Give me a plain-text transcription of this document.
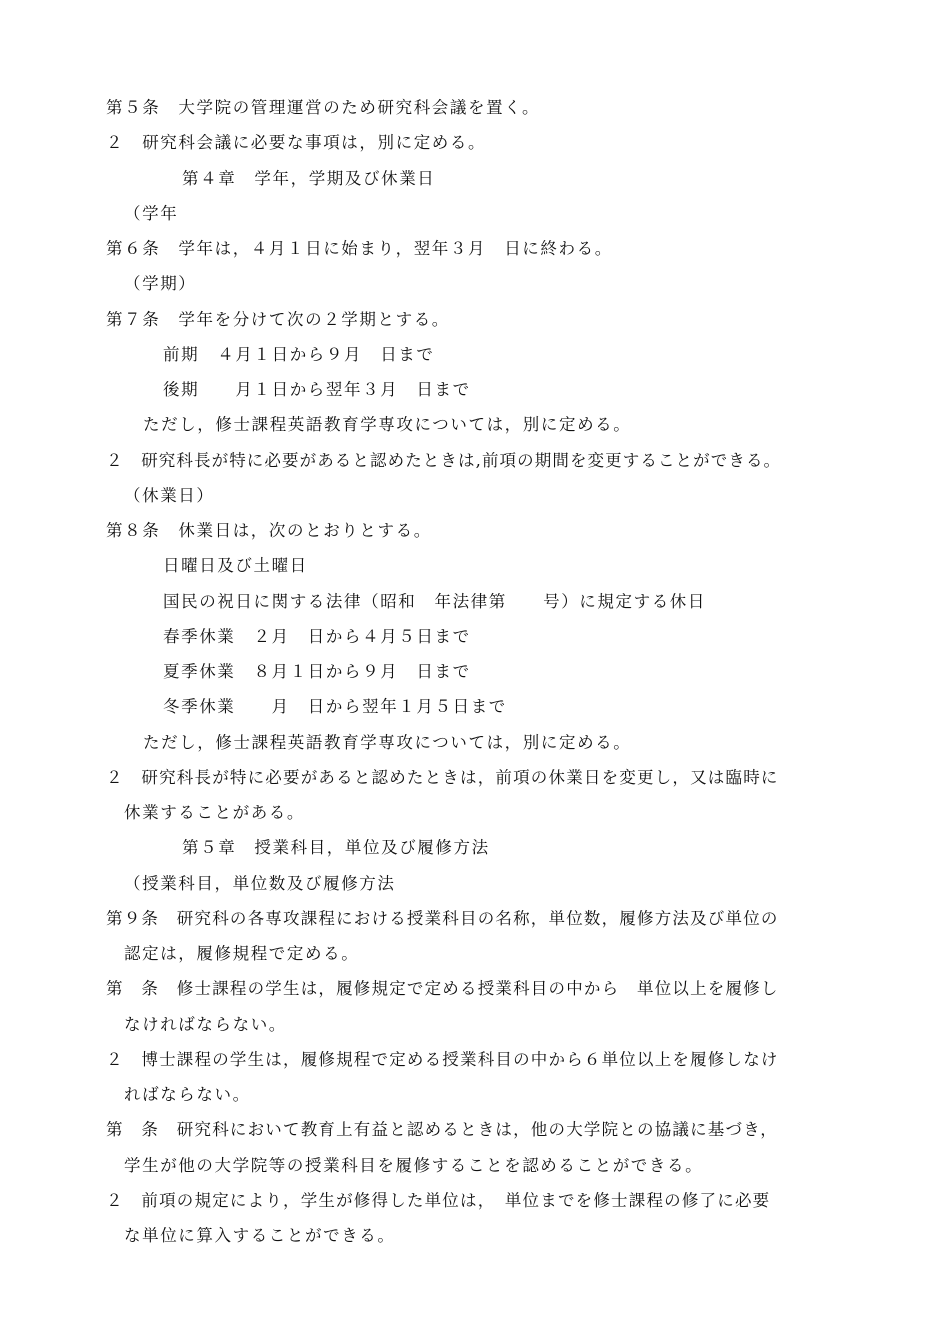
第５条　大学院の管理運営のため研究科会議を置く。
２　研究科会議に必要な事項は，別に定める。
第４章　学年，学期及び休業日
（学年
第６条　学年は，４月１日に始まり，翌年３月　日に終わる。
（学期）
第７条　学年を分けて次の２学期とする。
前期　４月１日から９月　日まで
後期　　月１日から翌年３月　日まで
ただし，修士課程英語教育学専攻については，別に定める。
２　研究科長が特に必要があると認めたときは,前項の期間を変更することができる。
（休業日）
第８条　休業日は，次のとおりとする。
日曜日及び土曜日
国民の祝日に関する法律（昭和　年法律第　　号）に規定する休日
春季休業　２月　日から４月５日まで
夏季休業　８月１日から９月　日まで
冬季休業　　月　日から翌年１月５日まで
ただし，修士課程英語教育学専攻については，別に定める。
２　研究科長が特に必要があると認めたときは，前項の休業日を変更し，又は臨時に
休業することがある。
第５章　授業科目，単位及び履修方法
（授業科目，単位数及び履修方法
第９条　研究科の各専攻課程における授業科目の名称，単位数，履修方法及び単位の
認定は，履修規程で定める。
第　条　修士課程の学生は，履修規定で定める授業科目の中から　単位以上を履修し
なければならない。
２　博士課程の学生は，履修規程で定める授業科目の中から６単位以上を履修しなけ
ればならない。
第　条　研究科において教育上有益と認めるときは，他の大学院との協議に基づき，
学生が他の大学院等の授業科目を履修することを認めることができる。
２　前項の規定により，学生が修得した単位は，　単位までを修士課程の修了に必要
な単位に算入することができる。
